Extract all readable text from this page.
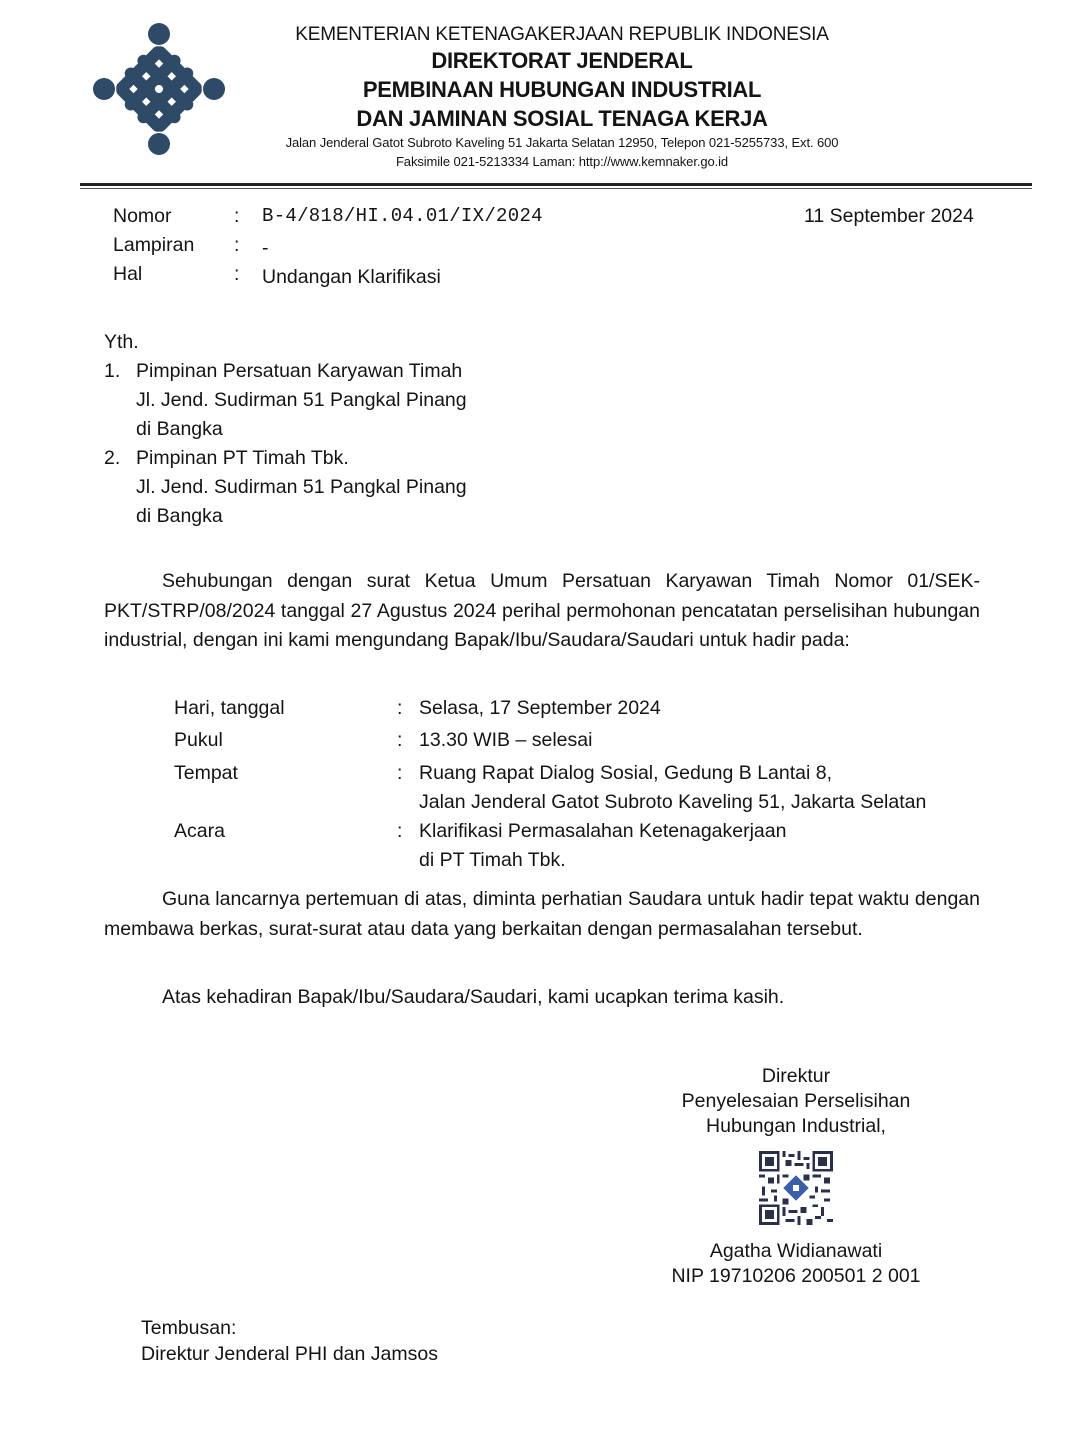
KEMENTERIAN KETENAGAKERJAAN REPUBLIK INDONESIA
DIREKTORAT JENDERAL
PEMBINAAN HUBUNGAN INDUSTRIAL
DAN JAMINAN SOSIAL TENAGA KERJA
Jalan Jenderal Gatot Subroto Kaveling 51 Jakarta Selatan 12950, Telepon 021-5255733, Ext. 600
Faksimile 021-5213334 Laman: http://www.kemnaker.go.id
Nomor	: B-4/818/HI.04.01/IX/2024	11 September 2024
Lampiran : -
Hal	: Undangan Klarifikasi
Yth.
1. Pimpinan Persatuan Karyawan Timah
Jl. Jend. Sudirman 51 Pangkal Pinang
di Bangka
2. Pimpinan PT Timah Tbk.
Jl. Jend. Sudirman 51 Pangkal Pinang
di Bangka
Sehubungan dengan surat Ketua Umum Persatuan Karyawan Timah Nomor 01/SEK-PKT/STRP/08/2024 tanggal 27 Agustus 2024 perihal permohonan pencatatan perselisihan hubungan industrial, dengan ini kami mengundang Bapak/Ibu/Saudara/Saudari untuk hadir pada:
Hari, tanggal	: Selasa, 17 September 2024
Pukul	: 13.30 WIB – selesai
Tempat	: Ruang Rapat Dialog Sosial, Gedung B Lantai 8,
Jalan Jenderal Gatot Subroto Kaveling 51, Jakarta Selatan
Acara	: Klarifikasi Permasalahan Ketenagakerjaan
di PT Timah Tbk.
Guna lancarnya pertemuan di atas, diminta perhatian Saudara untuk hadir tepat waktu dengan membawa berkas, surat-surat atau data yang berkaitan dengan permasalahan tersebut.
Atas kehadiran Bapak/Ibu/Saudara/Saudari, kami ucapkan terima kasih.
Direktur
Penyelesaian Perselisihan
Hubungan Industrial,
Agatha Widianawati
NIP 19710206 200501 2 001
Tembusan:
Direktur Jenderal PHI dan Jamsos
